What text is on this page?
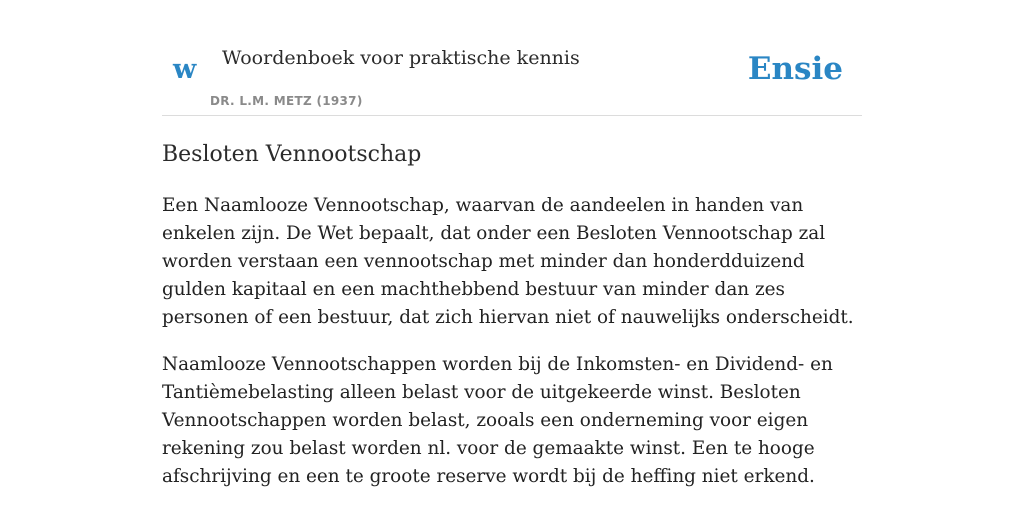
w Woordenboek voor praktische kennis
DR. L.M. METZ (1937)
Ensie
Besloten Vennootschap

Een Naamlooze Vennootschap, waarvan de aandeelen in handen van enkelen zijn. De Wet bepaalt, dat onder een Besloten Vennootschap zal worden verstaan een vennootschap met minder dan honderdduizend gulden kapitaal en een machthebbend bestuur van minder dan zes personen of een bestuur, dat zich hiervan niet of nauwelijks onderscheidt.

Naamlooze Vennootschappen worden bij de Inkomsten- en Dividend- en Tantièmebelasting alleen belast voor de uitgekeerde winst. Besloten Vennootschappen worden belast, zooals een onderneming voor eigen rekening zou belast worden nl. voor de gemaakte winst. Een te hooge afschrijving en een te groote reserve wordt bij de heffing niet erkend.
